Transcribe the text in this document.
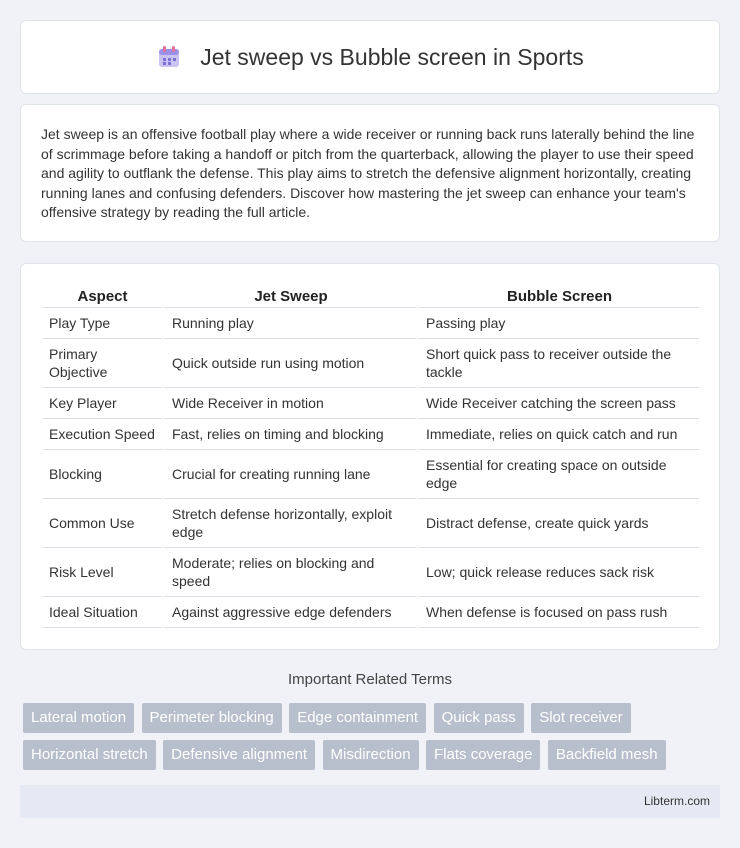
Jet sweep vs Bubble screen in Sports

Jet sweep is an offensive football play where a wide receiver or running back runs laterally behind the line of scrimmage before taking a handoff or pitch from the quarterback, allowing the player to use their speed and agility to outflank the defense. This play aims to stretch the defensive alignment horizontally, creating running lanes and confusing defenders. Discover how mastering the jet sweep can enhance your team's offensive strategy by reading the full article.

Aspect	Jet Sweep	Bubble Screen
Play Type	Running play	Passing play
Primary Objective	Quick outside run using motion	Short quick pass to receiver outside the tackle
Key Player	Wide Receiver in motion	Wide Receiver catching the screen pass
Execution Speed	Fast, relies on timing and blocking	Immediate, relies on quick catch and run
Blocking	Crucial for creating running lane	Essential for creating space on outside edge
Common Use	Stretch defense horizontally, exploit edge	Distract defense, create quick yards
Risk Level	Moderate; relies on blocking and speed	Low; quick release reduces sack risk
Ideal Situation	Against aggressive edge defenders	When defense is focused on pass rush
Important Related Terms
Lateral motion Perimeter blocking Edge containment Quick pass Slot receiver
Horizontal stretch Defensive alignment Misdirection Flats coverage Backfield mesh
Libterm.com
